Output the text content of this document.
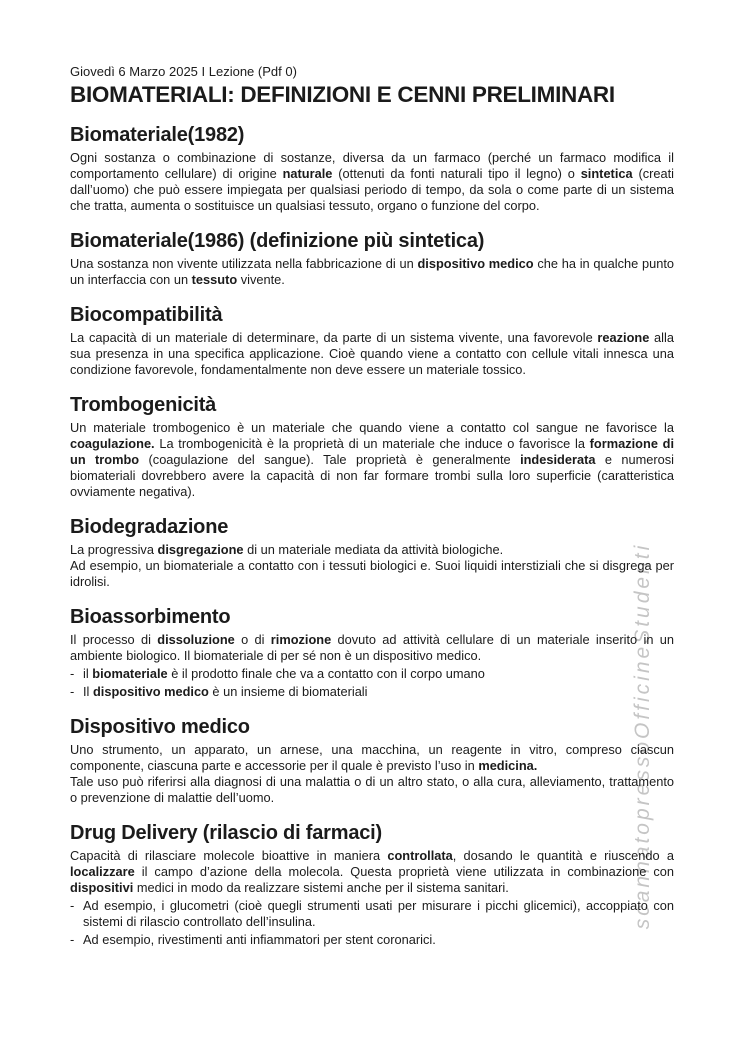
scannatopressoOfficineStudenti

Giovedì 6 Marzo 2025 I Lezione (Pdf 0)

BIOMATERIALI: DEFINIZIONI E CENNI PRELIMINARI
Biomateriale(1982)

Ogni sostanza o combinazione di sostanze, diversa da un farmaco (perché un farmaco modifica il comportamento cellulare) di origine naturale (ottenuti da fonti naturali tipo il legno) o sintetica (creati dall’uomo) che può essere impiegata per qualsiasi periodo di tempo, da sola o come parte di un sistema che tratta, aumenta o sostituisce un qualsiasi tessuto, organo o funzione del corpo.

Biomateriale(1986) (definizione più sintetica)

Una sostanza non vivente utilizzata nella fabbricazione di un dispositivo medico che ha in qualche punto un interfaccia con un tessuto vivente.

Biocompatibilità

La capacità di un materiale di determinare, da parte di un sistema vivente, una favorevole reazione alla sua presenza in una specifica applicazione. Cioè quando viene a contatto con cellule vitali innesca una condizione favorevole, fondamentalmente non deve essere un materiale tossico.

Trombogenicità

Un materiale trombogenico è un materiale che quando viene a contatto col sangue ne favorisce la coagulazione. La trombogenicità è la proprietà di un materiale che induce o favorisce la formazione di un trombo (coagulazione del sangue). Tale proprietà è generalmente indesiderata e numerosi biomateriali dovrebbero avere la capacità di non far formare trombi sulla loro superficie (caratteristica ovviamente negativa).

Biodegradazione

La progressiva disgregazione di un materiale mediata da attività biologiche.

Ad esempio, un biomateriale a contatto con i tessuti biologici e. Suoi liquidi interstiziali che si disgrega per idrolisi.

Bioassorbimento

Il processo di dissoluzione o di rimozione dovuto ad attività cellulare di un materiale inserito in un ambiente biologico. Il biomateriale di per sé non è un dispositivo medico.

- il biomateriale è il prodotto finale che va a contatto con il corpo umano

- Il dispositivo medico è un insieme di biomateriali

Dispositivo medico

Uno strumento, un apparato, un arnese, una macchina, un reagente in vitro, compreso ciascun componente, ciascuna parte e accessorie per il quale è previsto l’uso in medicina.

Tale uso può riferirsi alla diagnosi di una malattia o di un altro stato, o alla cura, alleviamento, trattamento o prevenzione di malattie dell’uomo.

Drug Delivery (rilascio di farmaci)

Capacità di rilasciare molecole bioattive in maniera controllata, dosando le quantità e riuscendo a localizzare il campo d’azione della molecola. Questa proprietà viene utilizzata in combinazione con dispositivi medici in modo da realizzare sistemi anche per il sistema sanitari.

- Ad esempio, i glucometri (cioè quegli strumenti usati per misurare i picchi glicemici), accoppiato con sistemi di rilascio controllato dell’insulina.

- Ad esempio, rivestimenti anti infiammatori per stent coronarici.
